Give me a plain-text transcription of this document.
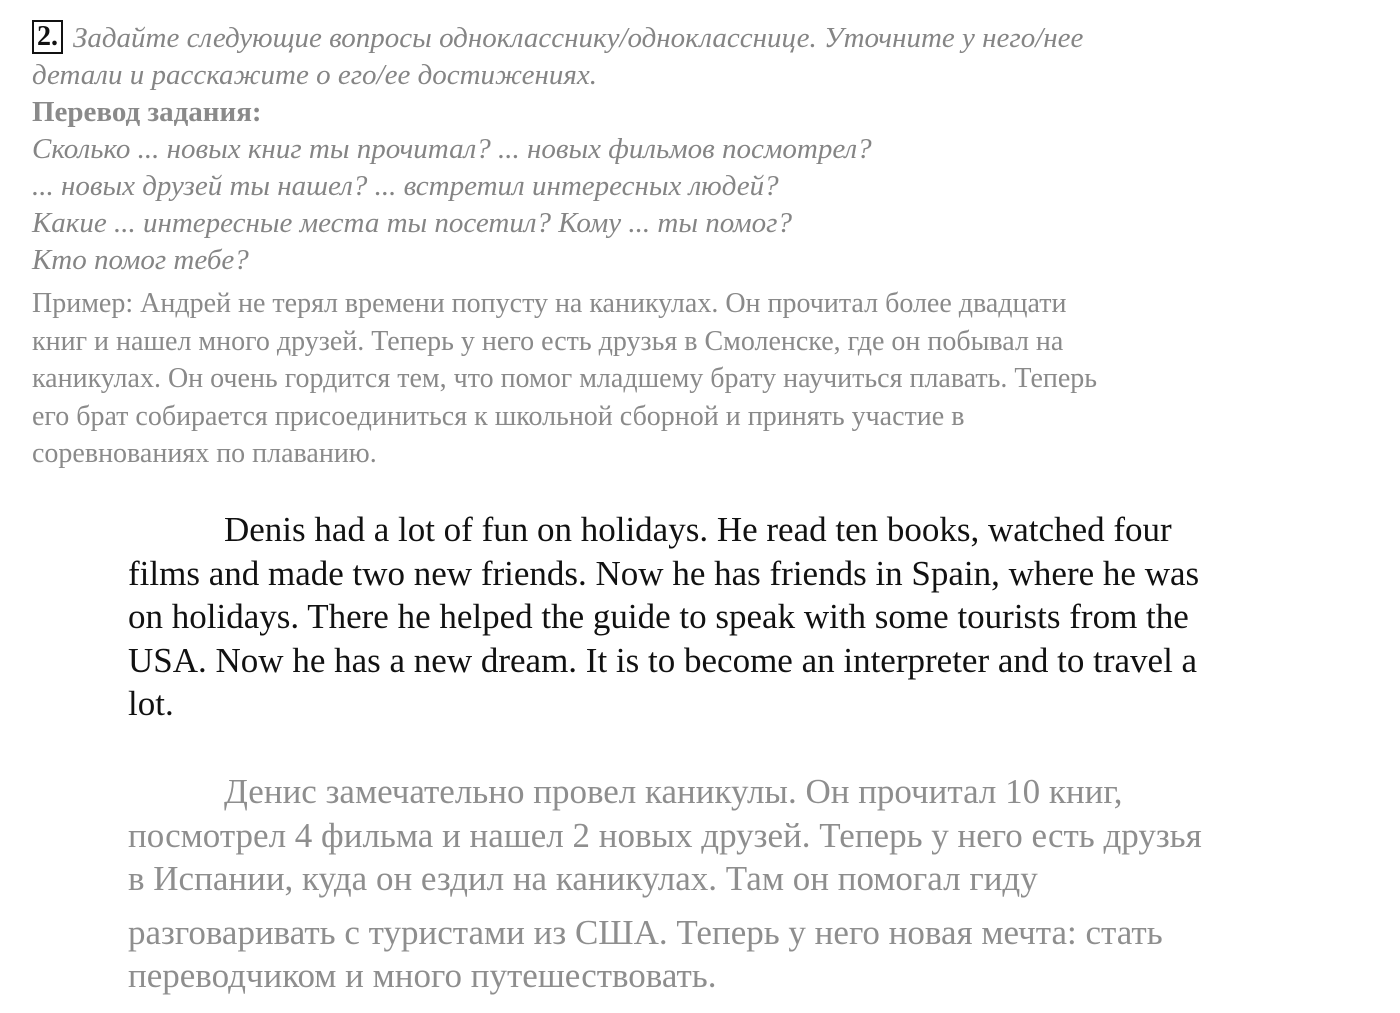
2. Задайте следующие вопросы однокласснику/однокласснице. Уточните у него/нее
детали и расскажите о его/ее достижениях.
Перевод задания:
Сколько ... новых книг ты прочитал? ... новых фильмов посмотрел?
... новых друзей ты нашел? ... встретил интересных людей?
Какие ... интересные места ты посетил? Кому ... ты помог?
Кто помог тебе?
Пример: Андрей не терял времени попусту на каникулах. Он прочитал более двадцати
книг и нашел много друзей. Теперь у него есть друзья в Смоленске, где он побывал на
каникулах. Он очень гордится тем, что помог младшему брату научиться плавать. Теперь
его брат собирается присоединиться к школьной сборной и принять участие в
соревнованиях по плаванию.
Denis had a lot of fun on holidays. He read ten books, watched four
films and made two new friends. Now he has friends in Spain, where he was
on holidays. There he helped the guide to speak with some tourists from the
USA. Now he has a new dream. It is to become an interpreter and to travel a
lot.
Денис замечательно провел каникулы. Он прочитал 10 книг,
посмотрел 4 фильма и нашел 2 новых друзей. Теперь у него есть друзья
в Испании, куда он ездил на каникулах. Там он помогал гиду
разговаривать с туристами из США. Теперь у него новая мечта: стать
переводчиком и много путешествовать.
